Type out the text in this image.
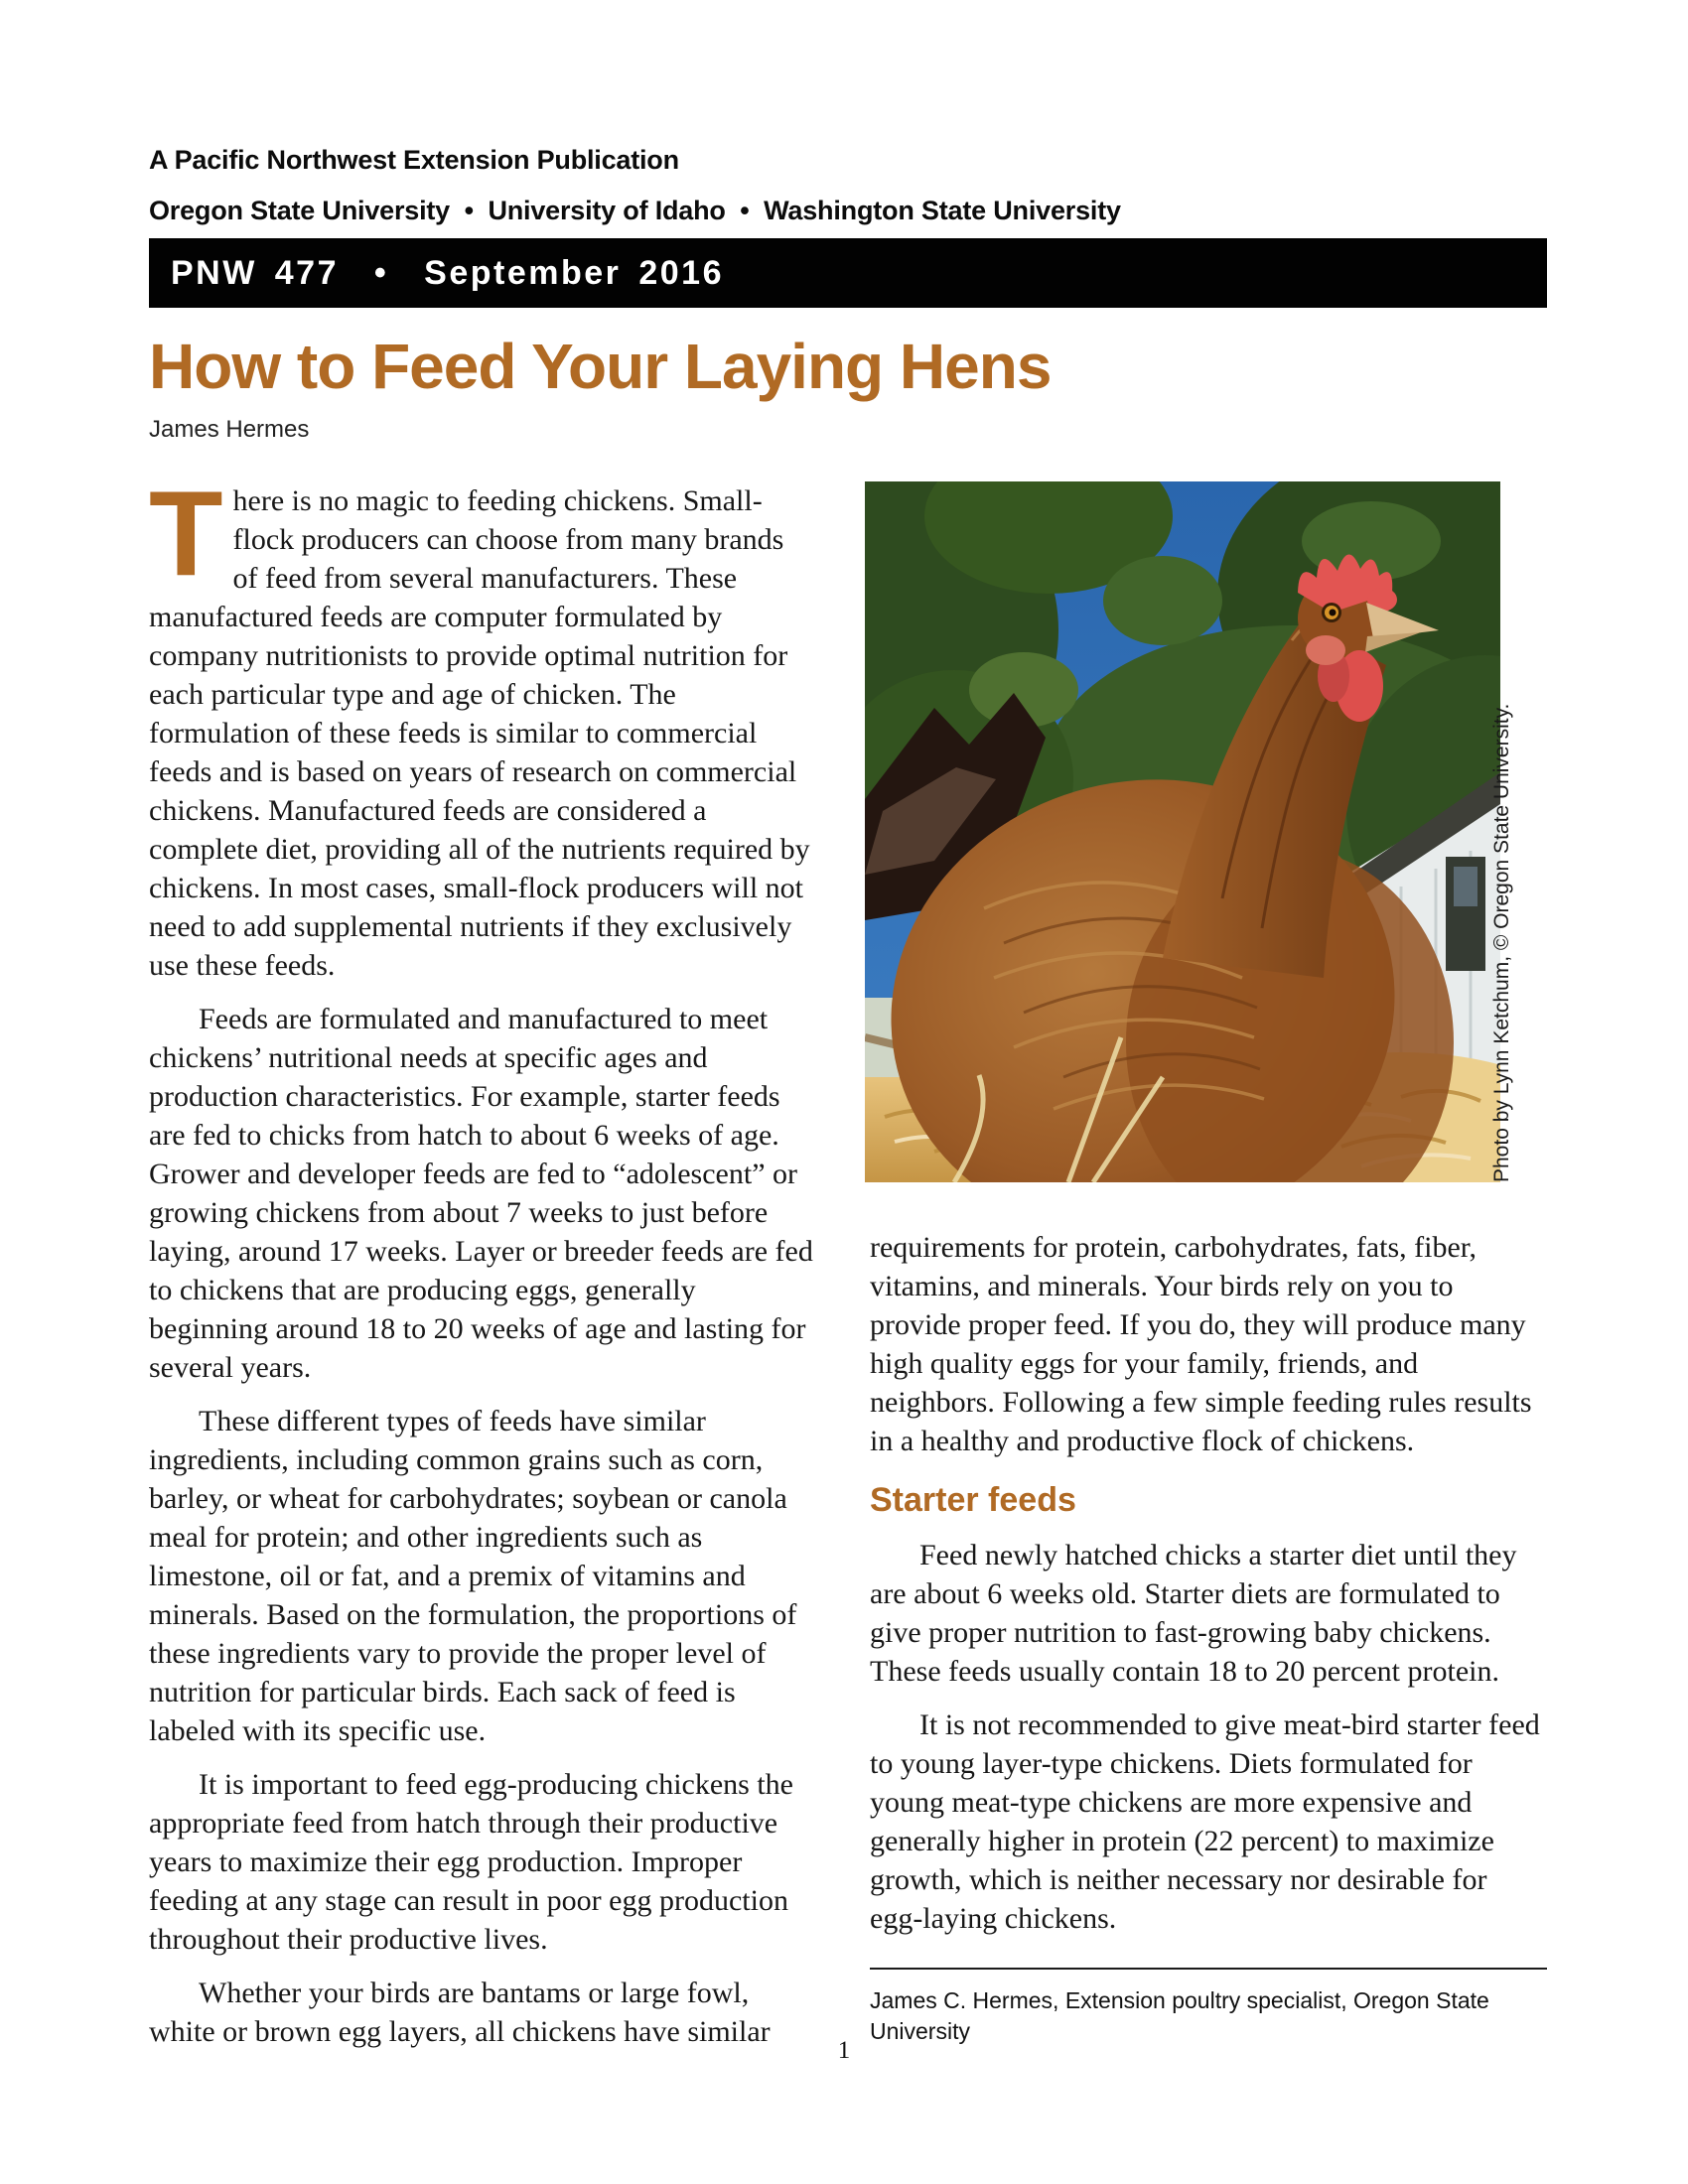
A Pacific Northwest Extension Publication
Oregon State University  •  University of Idaho  •  Washington State University
PNW 477  •  September 2016
How to Feed Your Laying Hens
James Hermes

There is no magic to feeding chickens. Small-flock producers can choose from many brands of feed from several manufacturers. These manufactured feeds are computer formulated by company nutritionists to provide optimal nutrition for each particular type and age of chicken. The formulation of these feeds is similar to commercial feeds and is based on years of research on commercial chickens. Manufactured feeds are considered a complete diet, providing all of the nutrients required by chickens. In most cases, small-flock producers will not need to add supplemental nutrients if they exclusively use these feeds.

Feeds are formulated and manufactured to meet chickens’ nutritional needs at specific ages and production characteristics. For example, starter feeds are fed to chicks from hatch to about 6 weeks of age. Grower and developer feeds are fed to “adolescent” or growing chickens from about 7 weeks to just before laying, around 17 weeks. Layer or breeder feeds are fed to chickens that are producing eggs, generally beginning around 18 to 20 weeks of age and lasting for several years.

These different types of feeds have similar ingredients, including common grains such as corn, barley, or wheat for carbohydrates; soybean or canola meal for protein; and other ingredients such as limestone, oil or fat, and a premix of vitamins and minerals. Based on the formulation, the proportions of these ingredients vary to provide the proper level of nutrition for particular birds. Each sack of feed is labeled with its specific use.

It is important to feed egg-producing chickens the appropriate feed from hatch through their productive years to maximize their egg production. Improper feeding at any stage can result in poor egg production throughout their productive lives.

Whether your birds are bantams or large fowl, white or brown egg layers, all chickens have similar

Photo by Lynn Ketchum, © Oregon State University.

requirements for protein, carbohydrates, fats, fiber, vitamins, and minerals. Your birds rely on you to provide proper feed. If you do, they will produce many high quality eggs for your family, friends, and neighbors. Following a few simple feeding rules results in a healthy and productive flock of chickens.

Starter feeds

Feed newly hatched chicks a starter diet until they are about 6 weeks old. Starter diets are formulated to give proper nutrition to fast-growing baby chickens. These feeds usually contain 18 to 20 percent protein.

It is not recommended to give meat-bird starter feed to young layer-type chickens. Diets formulated for young meat-type chickens are more expensive and generally higher in protein (22 percent) to maximize growth, which is neither necessary nor desirable for egg-laying chickens.

James C. Hermes, Extension poultry specialist, Oregon State University
1
